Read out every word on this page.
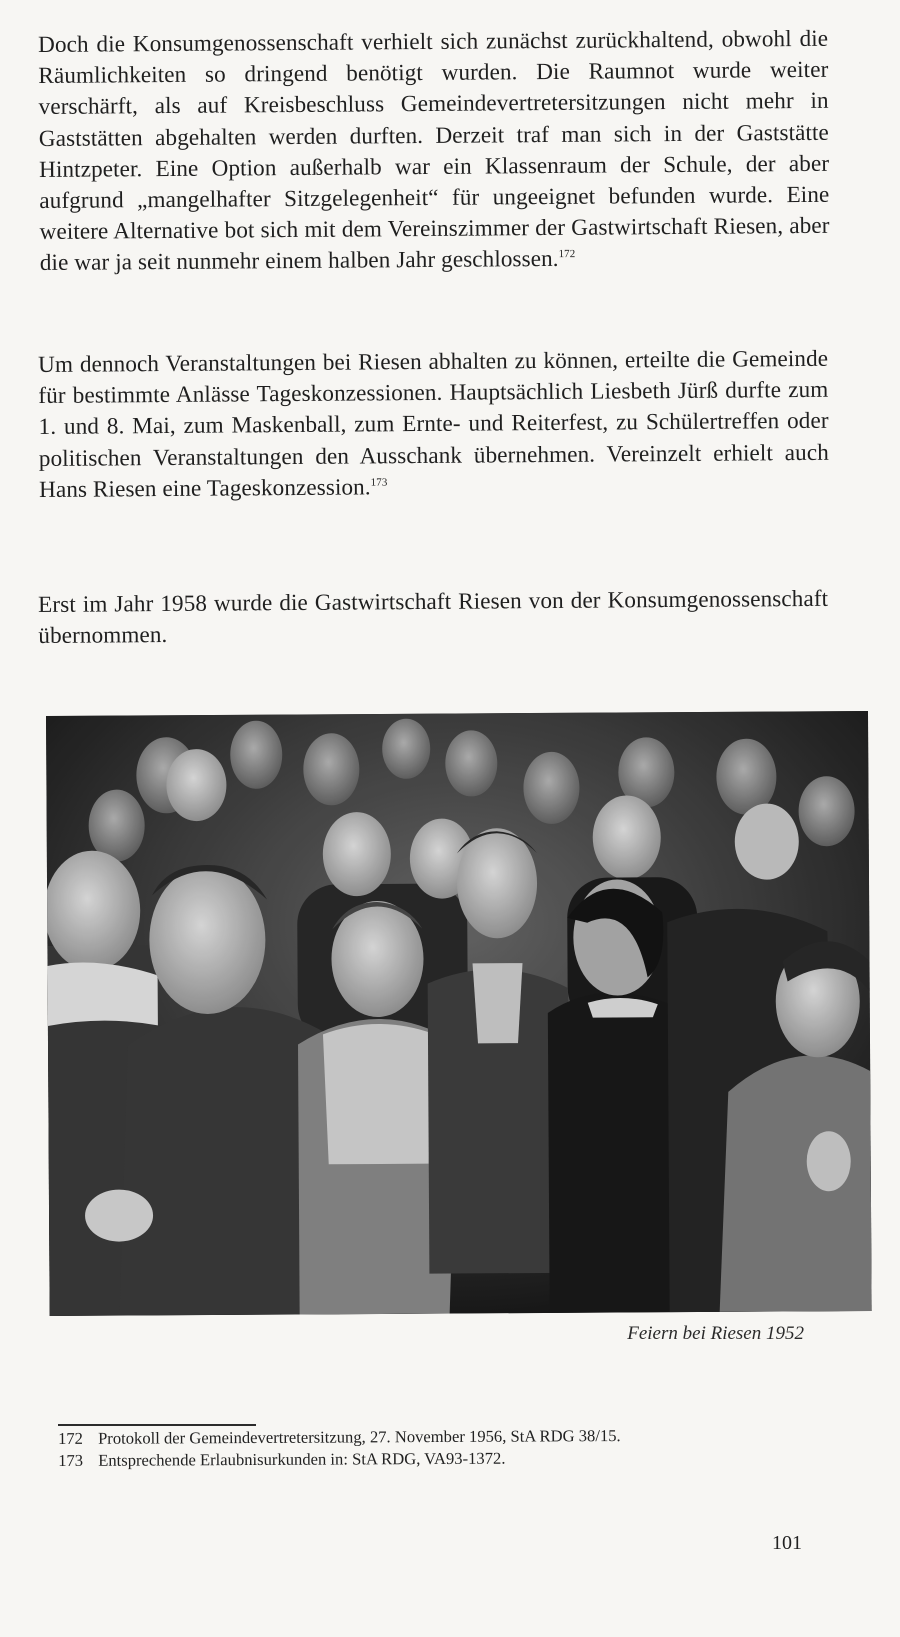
Doch die Konsumgenossenschaft verhielt sich zunächst zurückhaltend, obwohl die Räumlichkeiten so dringend benötigt wurden. Die Raumnot wurde weiter verschärft, als auf Kreisbeschluss Gemeindevertretersitzungen nicht mehr in Gaststätten abgehalten werden durften. Derzeit traf man sich in der Gaststätte Hintzpeter. Eine Option außerhalb war ein Klassenraum der Schule, der aber aufgrund „mangelhafter Sitzgelegenheit“ für ungeeignet befunden wurde. Eine weitere Alternative bot sich mit dem Vereinszimmer der Gastwirtschaft Riesen, aber die war ja seit nunmehr einem halben Jahr geschlossen.$^{172}$

Um dennoch Veranstaltungen bei Riesen abhalten zu können, erteilte die Gemeinde für bestimmte Anlässe Tageskonzessionen. Hauptsächlich Liesbeth Jürß durfte zum 1. und 8. Mai, zum Maskenball, zum Ernte- und Reiterfest, zu Schülertreffen oder politischen Veranstaltungen den Ausschank übernehmen. Vereinzelt erhielt auch Hans Riesen eine Tageskonzession.$^{173}$

Erst im Jahr 1958 wurde die Gastwirtschaft Riesen von der Konsumgenossenschaft übernommen.

Feiern bei Riesen 1952
172 Protokoll der Gemeindevertretersitzung, 27. November 1956, StA RDG 38/15.
173 Entsprechende Erlaubnisurkunden in: StA RDG, VA93-1372.
101
